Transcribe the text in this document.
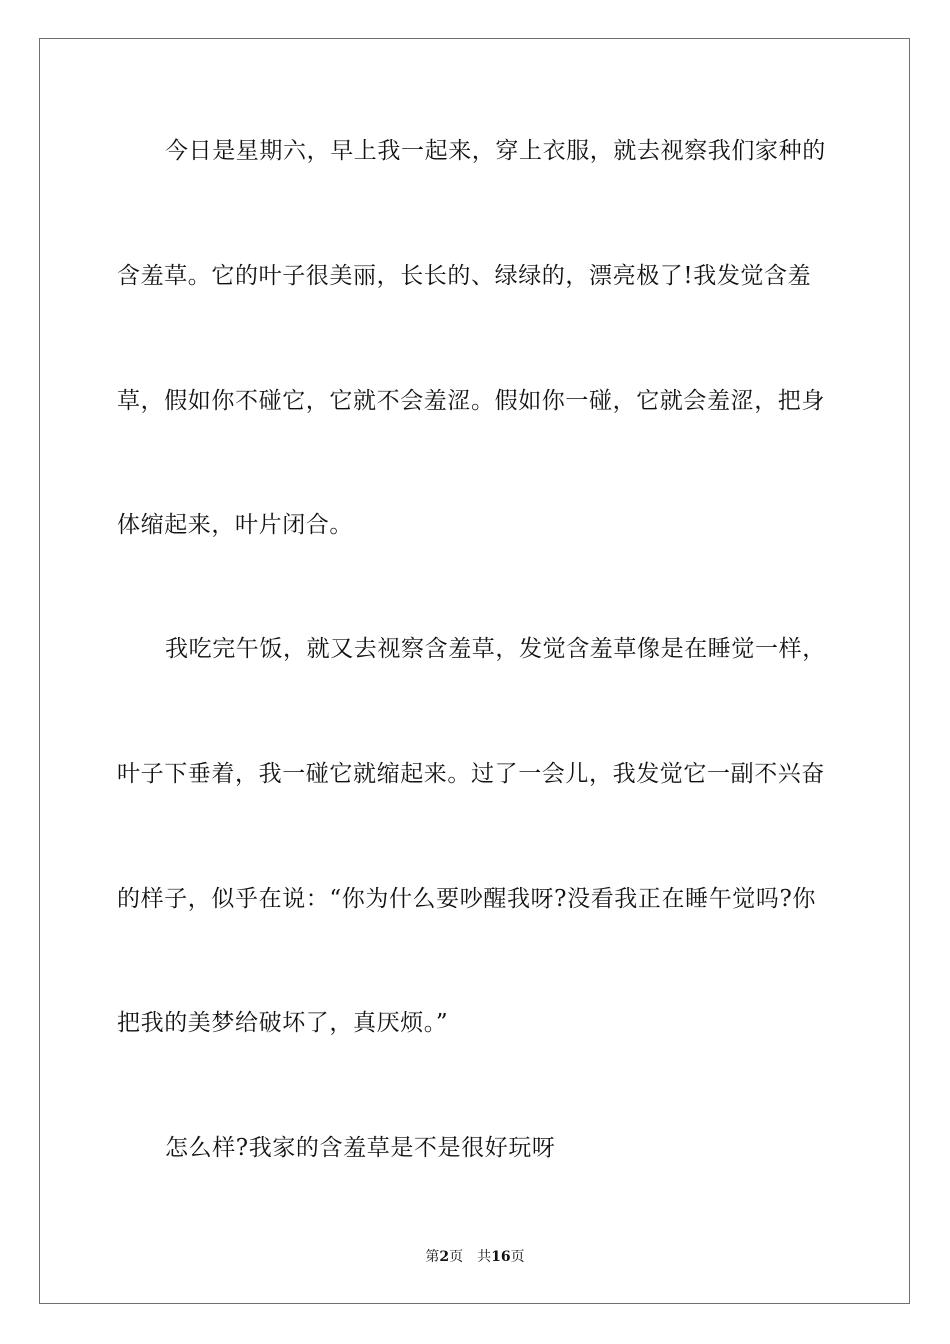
今日是星期六，早上我一起来，穿上衣服，就去视察我们家种的
含羞草。它的叶子很美丽，长长的、绿绿的，漂亮极了!我发觉含羞
草，假如你不碰它，它就不会羞涩。假如你一碰，它就会羞涩，把身
体缩起来，叶片闭合。
我吃完午饭，就又去视察含羞草，发觉含羞草像是在睡觉一样，
叶子下垂着，我一碰它就缩起来。过了一会儿，我发觉它一副不兴奋
的样子，似乎在说：“你为什么要吵醒我呀?没看我正在睡午觉吗?你
把我的美梦给破坏了，真厌烦。”
怎么样?我家的含羞草是不是很好玩呀
第2页 共16页
